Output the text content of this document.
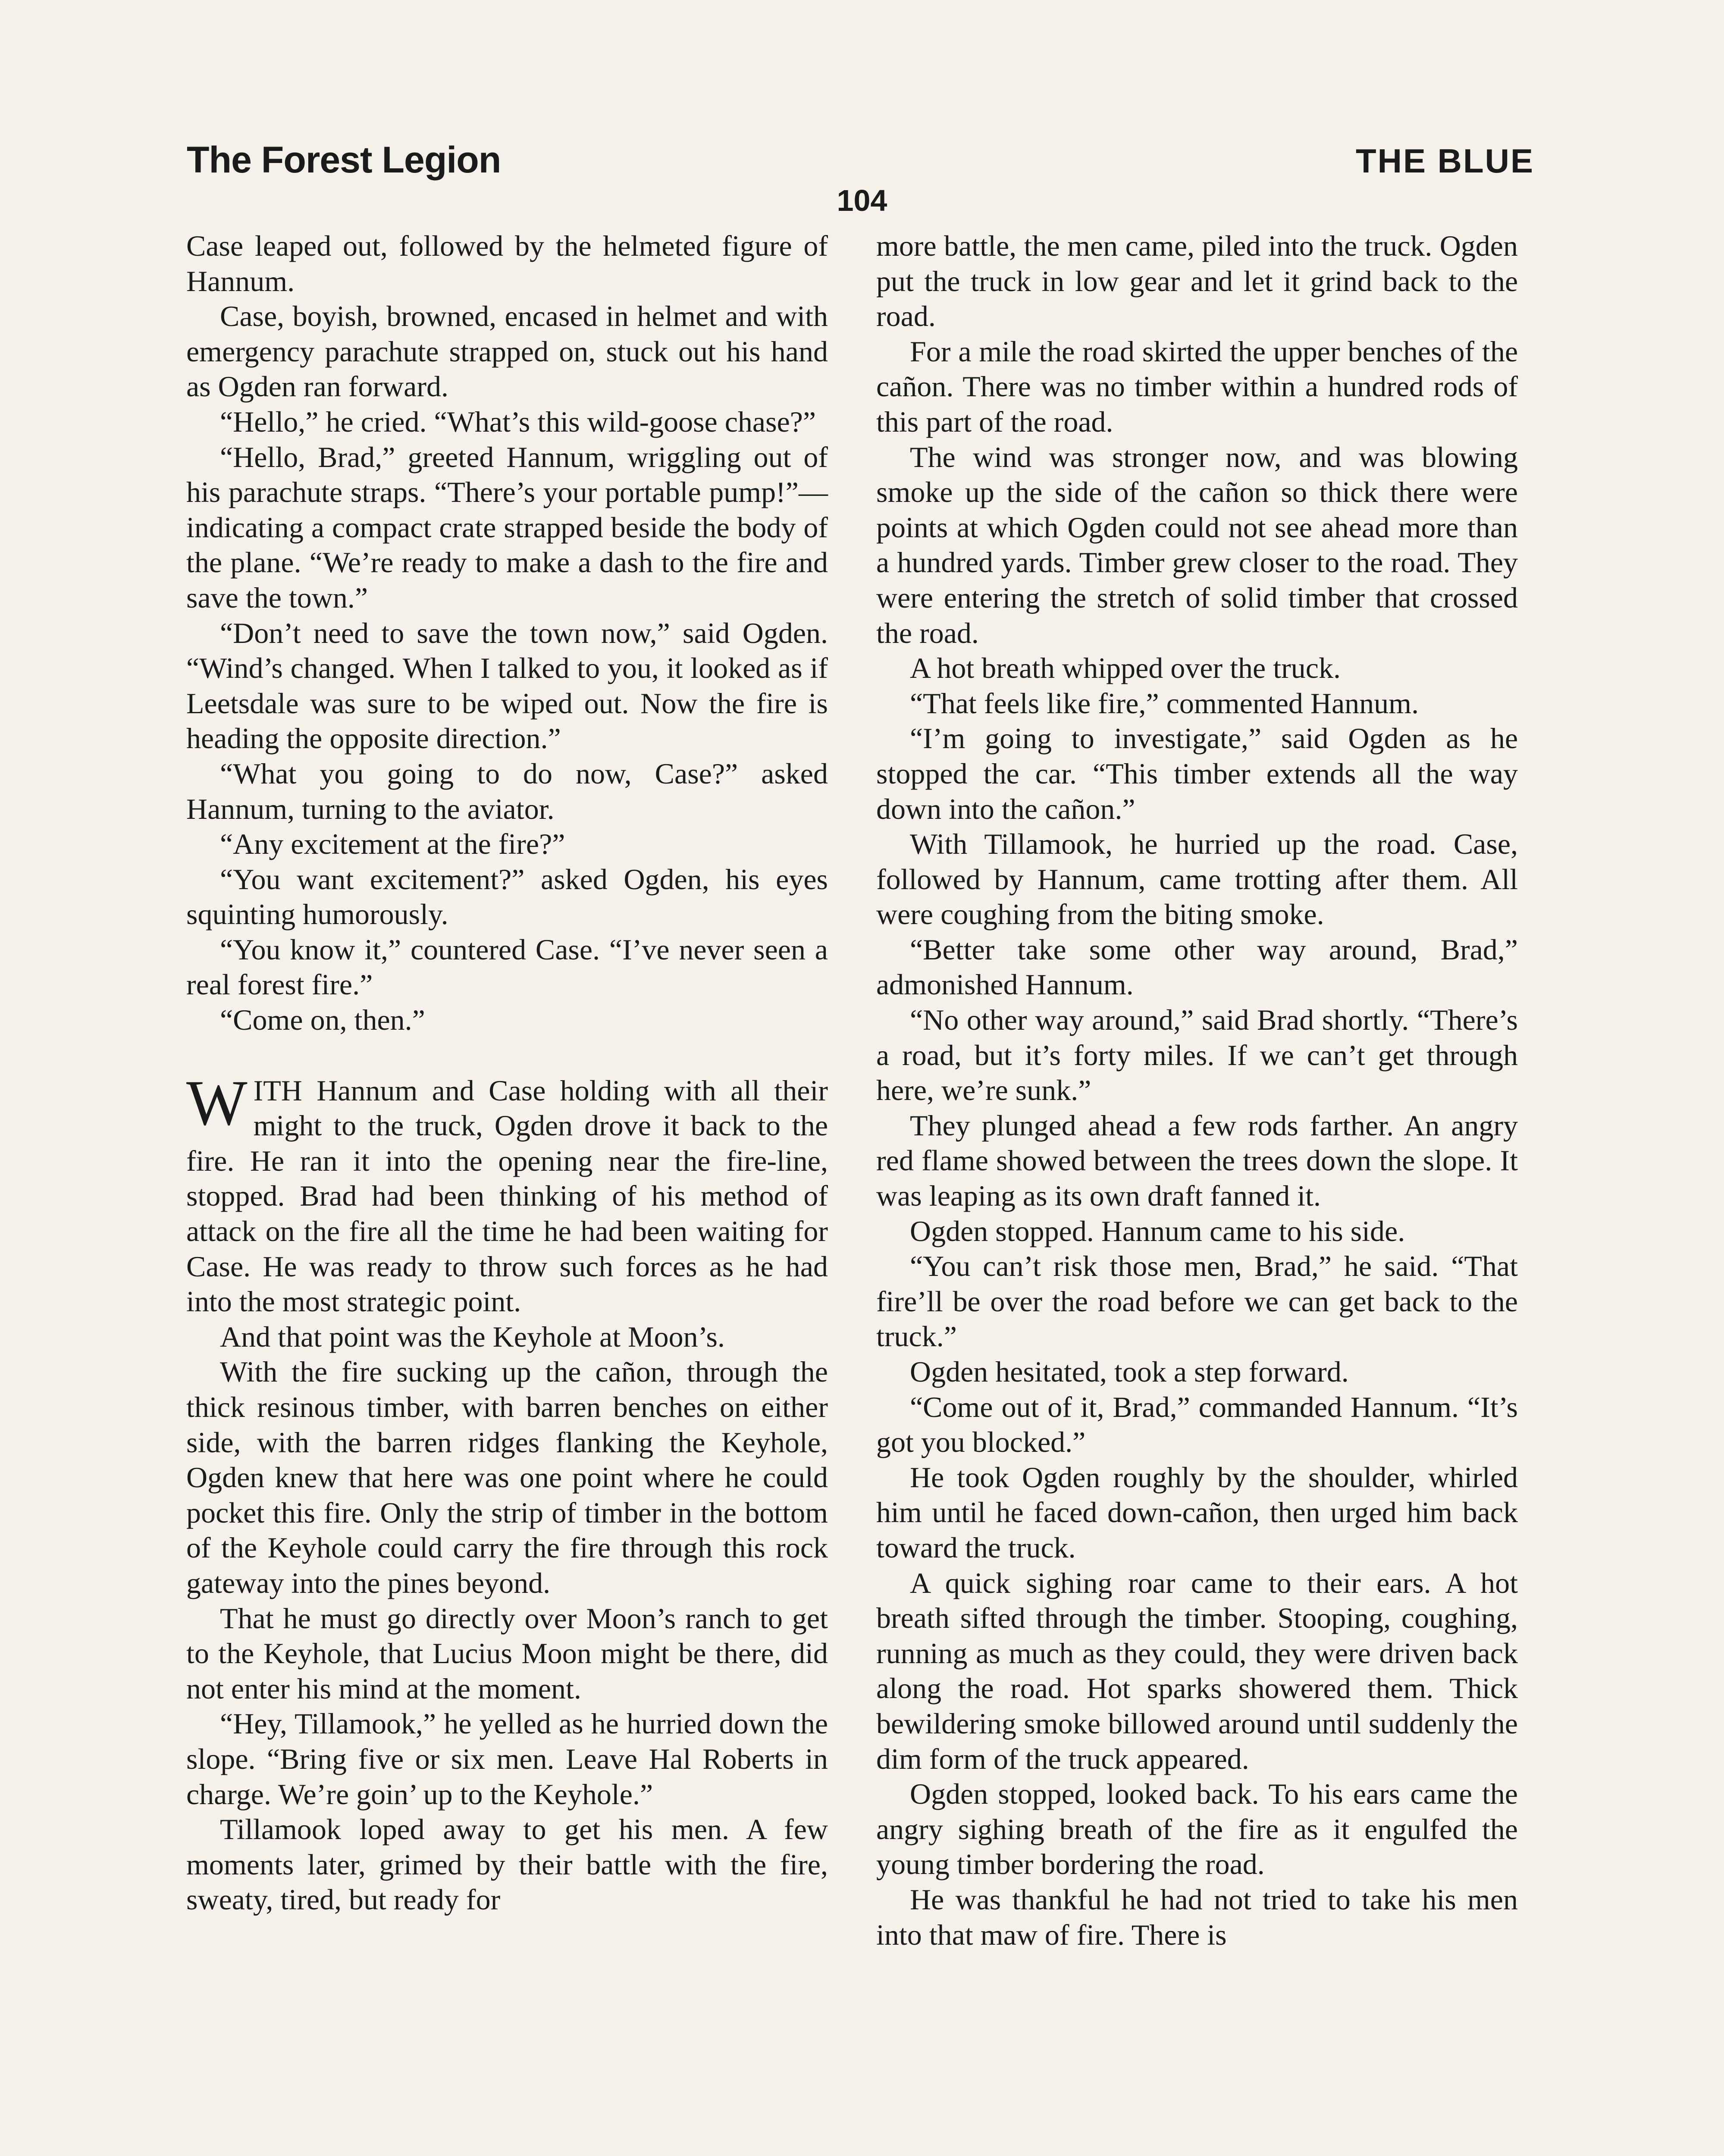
The Forest Legion	THE BLUE
104

Case leaped out, followed by the helmeted figure of Hannum.

Case, boyish, browned, encased in helmet and with emergency parachute strapped on, stuck out his hand as Ogden ran forward.

“Hello,” he cried. “What’s this wild-goose chase?”

“Hello, Brad,” greeted Hannum, wriggling out of his parachute straps. “There’s your portable pump!”—indicating a compact crate strapped beside the body of the plane. “We’re ready to make a dash to the fire and save the town.”

“Don’t need to save the town now,” said Ogden. “Wind’s changed. When I talked to you, it looked as if Leetsdale was sure to be wiped out. Now the fire is heading the opposite direction.”

“What you going to do now, Case?” asked Hannum, turning to the aviator.

“Any excitement at the fire?”

“You want excitement?” asked Ogden, his eyes squinting humorously.

“You know it,” countered Case. “I’ve never seen a real forest fire.”

“Come on, then.”

WITH Hannum and Case holding with all their might to the truck, Ogden drove it back to the fire. He ran it into the opening near the fire-line, stopped. Brad had been thinking of his method of attack on the fire all the time he had been waiting for Case. He was ready to throw such forces as he had into the most strategic point.

And that point was the Keyhole at Moon’s.

With the fire sucking up the cañon, through the thick resinous timber, with barren benches on either side, with the barren ridges flanking the Keyhole, Ogden knew that here was one point where he could pocket this fire. Only the strip of timber in the bottom of the Keyhole could carry the fire through this rock gateway into the pines beyond.

That he must go directly over Moon’s ranch to get to the Keyhole, that Lucius Moon might be there, did not enter his mind at the moment.

“Hey, Tillamook,” he yelled as he hurried down the slope. “Bring five or six men. Leave Hal Roberts in charge. We’re goin’ up to the Keyhole.”

Tillamook loped away to get his men. A few moments later, grimed by their battle with the fire, sweaty, tired, but ready for

more battle, the men came, piled into the truck. Ogden put the truck in low gear and let it grind back to the road.

For a mile the road skirted the upper benches of the cañon. There was no timber within a hundred rods of this part of the road.

The wind was stronger now, and was blowing smoke up the side of the cañon so thick there were points at which Ogden could not see ahead more than a hundred yards. Timber grew closer to the road. They were entering the stretch of solid timber that crossed the road.

A hot breath whipped over the truck.

“That feels like fire,” commented Hannum.

“I’m going to investigate,” said Ogden as he stopped the car. “This timber extends all the way down into the cañon.”

With Tillamook, he hurried up the road. Case, followed by Hannum, came trotting after them. All were coughing from the biting smoke.

“Better take some other way around, Brad,” admonished Hannum.

“No other way around,” said Brad shortly. “There’s a road, but it’s forty miles. If we can’t get through here, we’re sunk.”

They plunged ahead a few rods farther. An angry red flame showed between the trees down the slope. It was leaping as its own draft fanned it.

Ogden stopped. Hannum came to his side.

“You can’t risk those men, Brad,” he said. “That fire’ll be over the road before we can get back to the truck.”

Ogden hesitated, took a step forward.

“Come out of it, Brad,” commanded Hannum. “It’s got you blocked.”

He took Ogden roughly by the shoulder, whirled him until he faced down-cañon, then urged him back toward the truck.

A quick sighing roar came to their ears. A hot breath sifted through the timber. Stooping, coughing, running as much as they could, they were driven back along the road. Hot sparks showered them. Thick bewildering smoke billowed around until suddenly the dim form of the truck appeared.

Ogden stopped, looked back. To his ears came the angry sighing breath of the fire as it engulfed the young timber bordering the road.

He was thankful he had not tried to take his men into that maw of fire. There is
